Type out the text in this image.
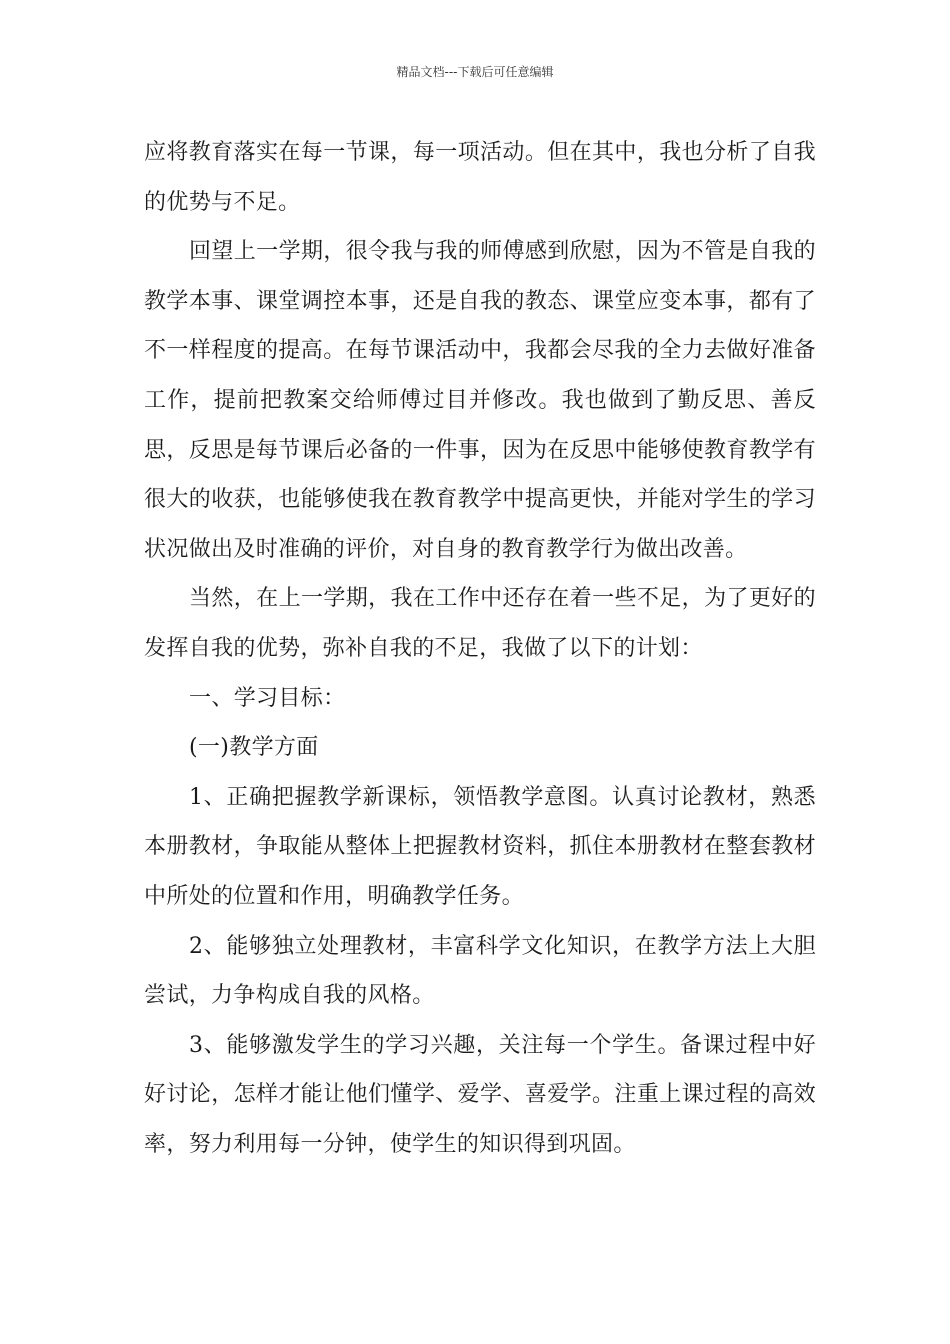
精品文档---下载后可任意编辑

应将教育落实在每一节课，每一项活动。但在其中，我也分析了自我的优势与不足。

回望上一学期，很令我与我的师傅感到欣慰，因为不管是自我的教学本事、课堂调控本事，还是自我的教态、课堂应变本事，都有了不一样程度的提高。在每节课活动中，我都会尽我的全力去做好准备工作，提前把教案交给师傅过目并修改。我也做到了勤反思、善反思，反思是每节课后必备的一件事，因为在反思中能够使教育教学有很大的收获，也能够使我在教育教学中提高更快，并能对学生的学习状况做出及时准确的评价，对自身的教育教学行为做出改善。

当然，在上一学期，我在工作中还存在着一些不足，为了更好的发挥自我的优势，弥补自我的不足，我做了以下的计划：

一、学习目标：

(一)教学方面

1、正确把握教学新课标，领悟教学意图。认真讨论教材，熟悉本册教材，争取能从整体上把握教材资料，抓住本册教材在整套教材中所处的位置和作用，明确教学任务。

2、能够独立处理教材，丰富科学文化知识，在教学方法上大胆尝试，力争构成自我的风格。

3、能够激发学生的学习兴趣，关注每一个学生。备课过程中好好讨论，怎样才能让他们懂学、爱学、喜爱学。注重上课过程的高效率，努力利用每一分钟，使学生的知识得到巩固。
